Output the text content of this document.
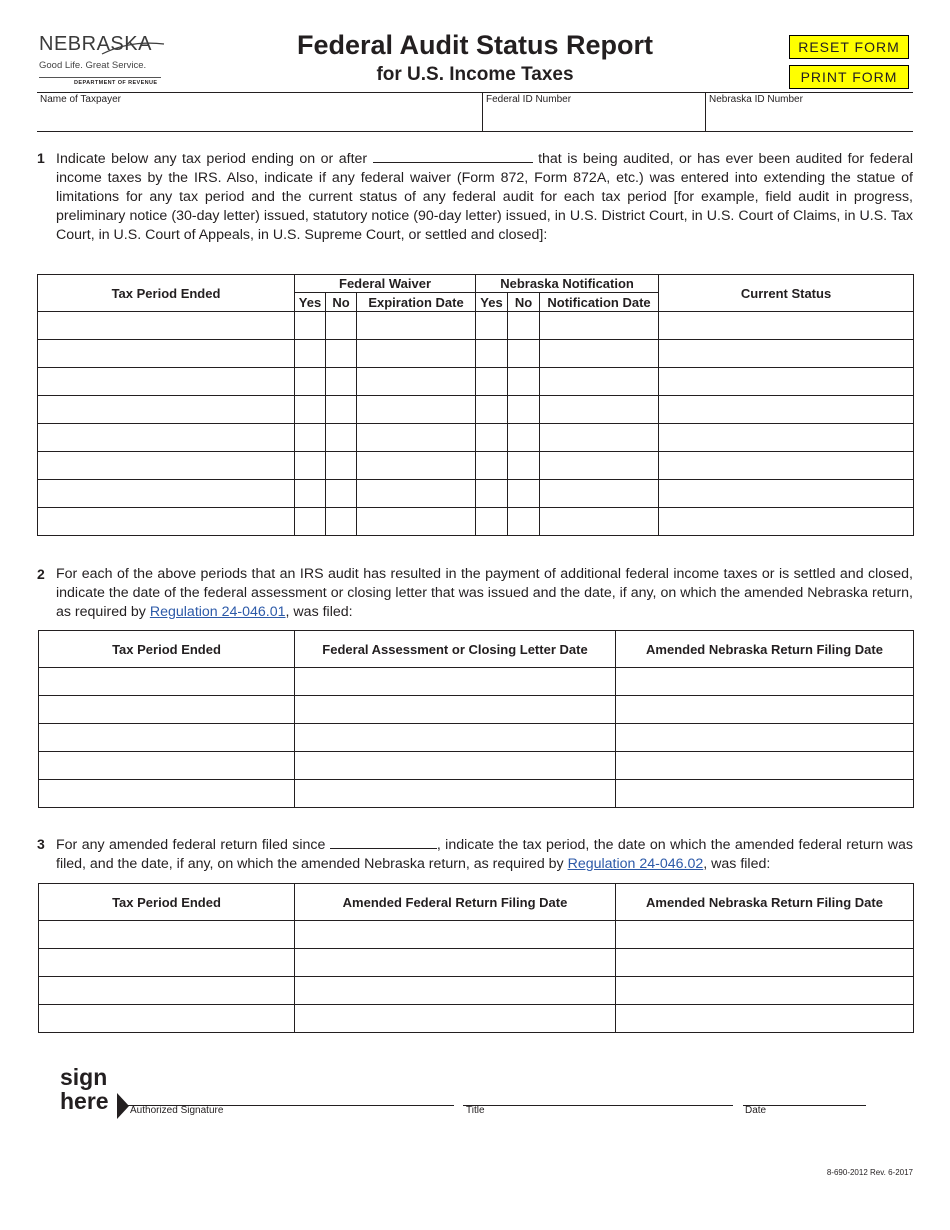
NEBRASKA
Good Life. Great Service.
DEPARTMENT OF REVENUE
Federal Audit Status Report
for U.S. Income Taxes
RESET FORM
PRINT FORM
Name of Taxpayer	Federal ID Number	Nebraska ID Number
1 Indicate below any tax period ending on or after	that is being audited, or has ever been audited for federal income taxes by the IRS. Also, indicate if any federal waiver (Form 872, Form 872A, etc.) was entered into extending the statue of limitations for any tax period and the current status of any federal audit for each tax period [for example, field audit in progress, preliminary notice (30-day letter) issued, statutory notice (90-day letter) issued, in U.S. District Court, in U.S. Court of Claims, in U.S. Tax Court, in U.S. Court of Appeals, in U.S. Supreme Court, or settled and closed]:
Tax Period Ended	Federal Waiver			Nebraska Notification			Current Status
	Yes	No	Expiration Date	Yes	No	Notification Date	

2 For each of the above periods that an IRS audit has resulted in the payment of additional federal income taxes or is settled and closed, indicate the date of the federal assessment or closing letter that was issued and the date, if any, on which the amended Nebraska return, as required by Regulation 24-046.01, was filed:
Tax Period Ended	Federal Assessment or Closing Letter Date	Amended Nebraska Return Filing Date

3 For any amended federal return filed since	, indicate the tax period, the date on which the amended federal return was filed, and the date, if any, on which the amended Nebraska return, as required by Regulation 24-046.02, was filed:
Tax Period Ended	Amended Federal Return Filing Date	Amended Nebraska Return Filing Date

sign
here Authorized Signature	Title	Date
8-690-2012 Rev. 6-2017
